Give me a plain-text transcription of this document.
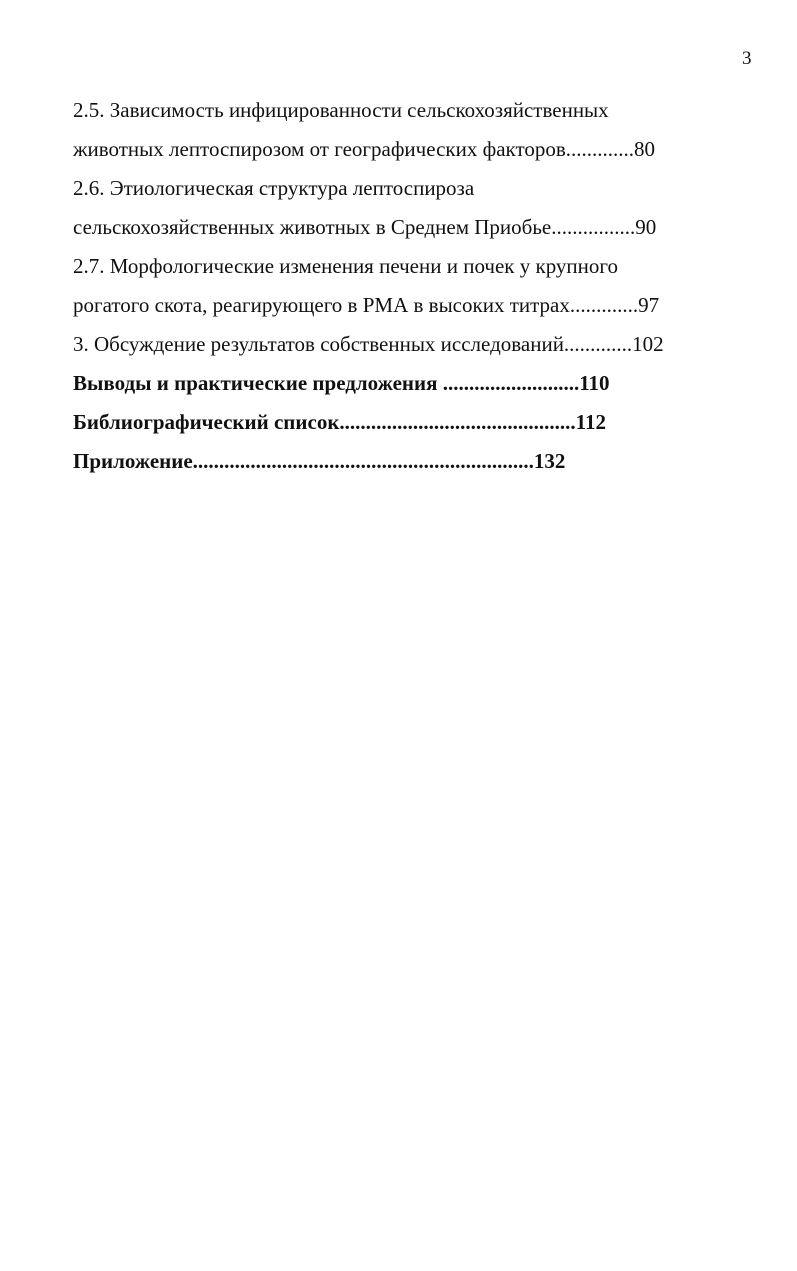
3
2.5. Зависимость инфицированности сельскохозяйственных
животных лептоспирозом от географических факторов.............80
2.6. Этиологическая структура лептоспироза
сельскохозяйственных животных в Среднем Приобье................90
2.7. Морфологические изменения печени и почек у крупного
рогатого скота, реагирующего в РМА в высоких титрах.............97
3. Обсуждение результатов собственных исследований.............102
Выводы и практические предложения ..........................110
Библиографический список.............................................112
Приложение.................................................................132
